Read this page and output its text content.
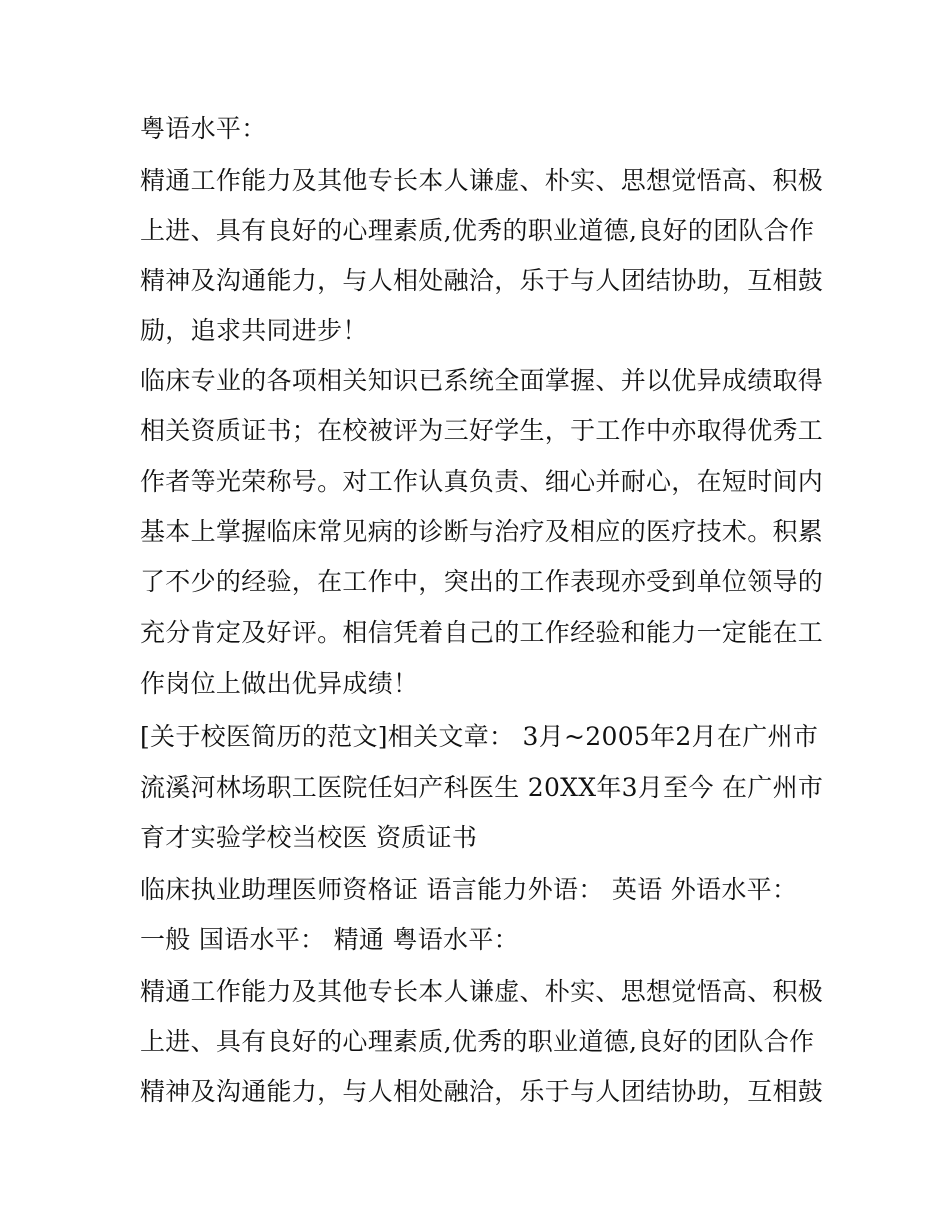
粤语水平：
精通工作能力及其他专长本人谦虚、朴实、思想觉悟高、积极
上进、具有良好的心理素质,优秀的职业道德,良好的团队合作
精神及沟通能力，与人相处融洽，乐于与人团结协助，互相鼓
励，追求共同进步！
临床专业的各项相关知识已系统全面掌握、并以优异成绩取得
相关资质证书；在校被评为三好学生，于工作中亦取得优秀工
作者等光荣称号。对工作认真负责、细心并耐心，在短时间内
基本上掌握临床常见病的诊断与治疗及相应的医疗技术。积累
了不少的经验，在工作中，突出的工作表现亦受到单位领导的
充分肯定及好评。相信凭着自己的工作经验和能力一定能在工
作岗位上做出优异成绩！
[关于校医简历的范文]相关文章： 3月~2005年2月在广州市
流溪河林场职工医院任妇产科医生 20XX年3月至今 在广州市
育才实验学校当校医 资质证书
临床执业助理医师资格证 语言能力外语： 英语 外语水平：
一般 国语水平： 精通 粤语水平：
精通工作能力及其他专长本人谦虚、朴实、思想觉悟高、积极
上进、具有良好的心理素质,优秀的职业道德,良好的团队合作
精神及沟通能力，与人相处融洽，乐于与人团结协助，互相鼓
